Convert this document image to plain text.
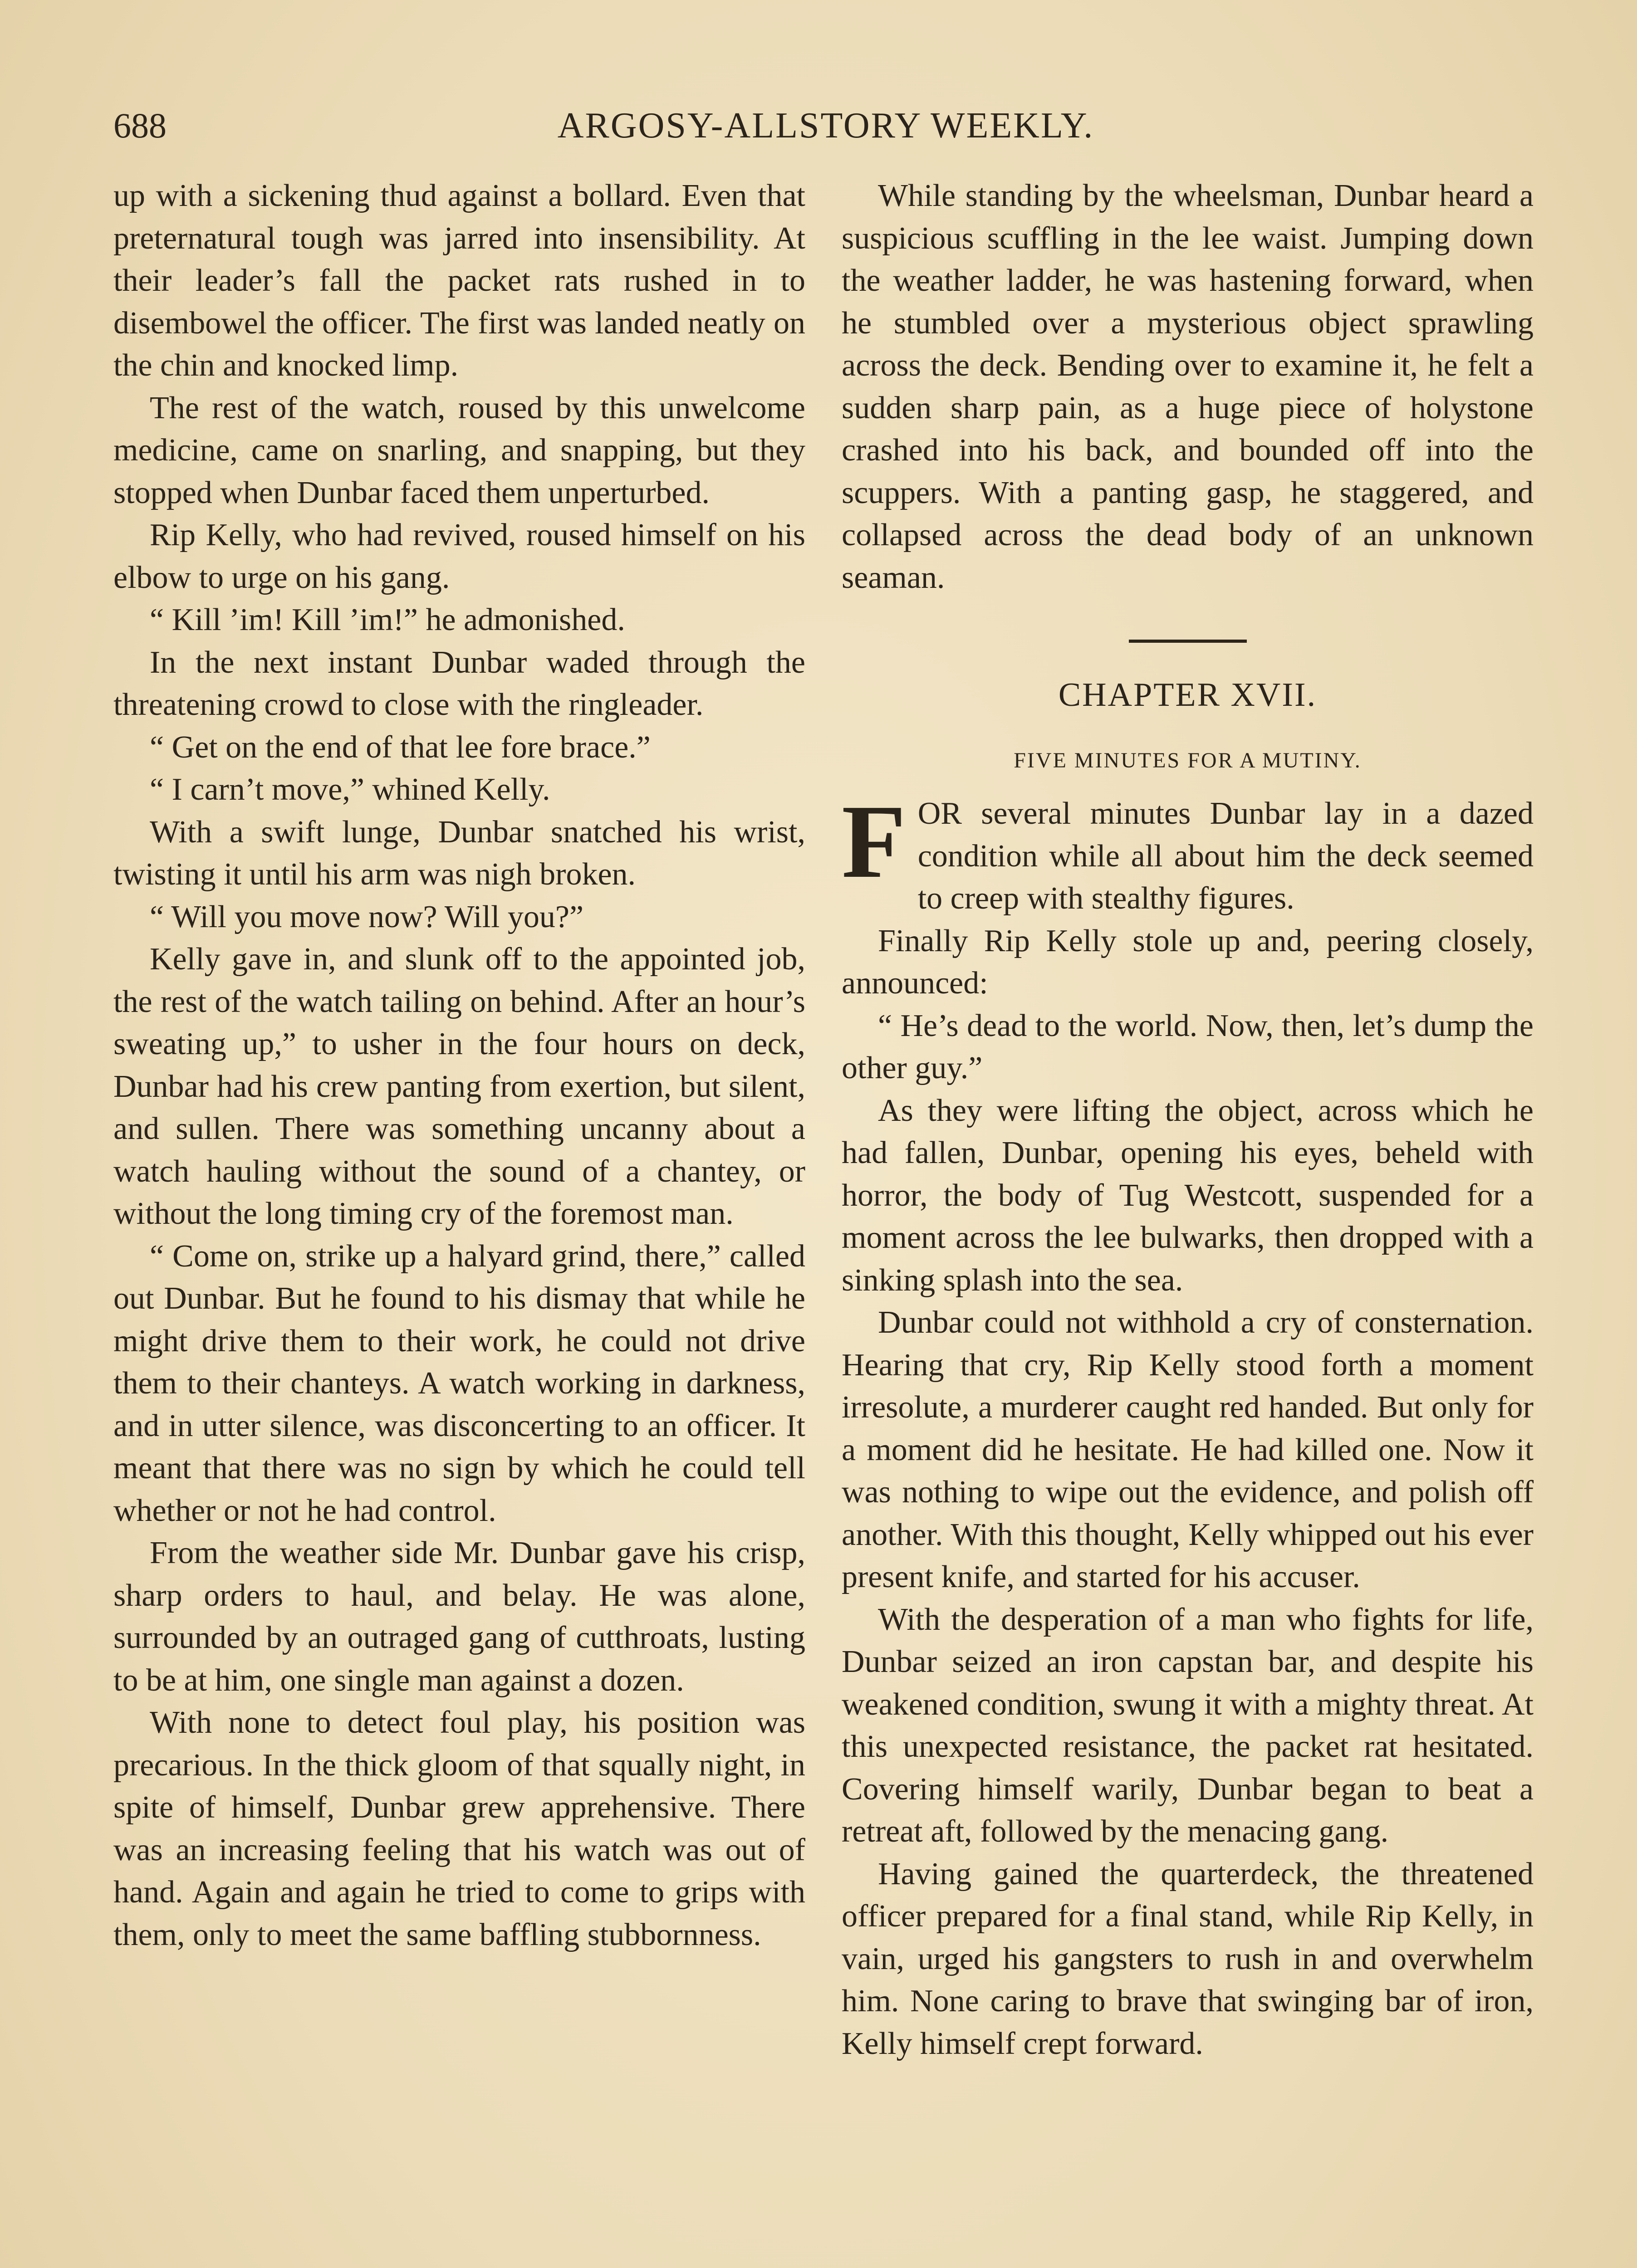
688	ARGOSY-ALLSTORY WEEKLY.

up with a sickening thud against a bollard. Even that preternatural tough was jarred into insensibility. At their leader’s fall the packet rats rushed in to disembowel the officer. The first was landed neatly on the chin and knocked limp.

The rest of the watch, roused by this unwelcome medicine, came on snarling, and snapping, but they stopped when Dunbar faced them unperturbed.

Rip Kelly, who had revived, roused himself on his elbow to urge on his gang.

“ Kill ’im! Kill ’im!” he admonished.

In the next instant Dunbar waded through the threatening crowd to close with the ringleader.

“ Get on the end of that lee fore brace.”

“ I carn’t move,” whined Kelly.

With a swift lunge, Dunbar snatched his wrist, twisting it until his arm was nigh broken.

“ Will you move now? Will you?”

Kelly gave in, and slunk off to the appointed job, the rest of the watch tailing on behind. After an hour’s sweating up,” to usher in the four hours on deck, Dunbar had his crew panting from exertion, but silent, and sullen. There was something uncanny about a watch hauling without the sound of a chantey, or without the long timing cry of the foremost man.

“ Come on, strike up a halyard grind, there,” called out Dunbar. But he found to his dismay that while he might drive them to their work, he could not drive them to their chanteys. A watch working in darkness, and in utter silence, was disconcerting to an officer. It meant that there was no sign by which he could tell whether or not he had control.

From the weather side Mr. Dunbar gave his crisp, sharp orders to haul, and belay. He was alone, surrounded by an outraged gang of cutthroats, lusting to be at him, one single man against a dozen.

With none to detect foul play, his position was precarious. In the thick gloom of that squally night, in spite of himself, Dunbar grew apprehensive. There was an increasing feeling that his watch was out of hand. Again and again he tried to come to grips with them, only to meet the same baffling stubbornness.

While standing by the wheelsman, Dunbar heard a suspicious scuffling in the lee waist. Jumping down the weather ladder, he was hastening forward, when he stumbled over a mysterious object sprawling across the deck. Bending over to examine it, he felt a sudden sharp pain, as a huge piece of holystone crashed into his back, and bounded off into the scuppers. With a panting gasp, he staggered, and collapsed across the dead body of an unknown seaman.

CHAPTER XVII.
FIVE MINUTES FOR A MUTINY.

FOR several minutes Dunbar lay in a dazed condition while all about him the deck seemed to creep with stealthy figures.

Finally Rip Kelly stole up and, peering closely, announced:

“ He’s dead to the world. Now, then, let’s dump the other guy.”

As they were lifting the object, across which he had fallen, Dunbar, opening his eyes, beheld with horror, the body of Tug Westcott, suspended for a moment across the lee bulwarks, then dropped with a sinking splash into the sea.

Dunbar could not withhold a cry of consternation. Hearing that cry, Rip Kelly stood forth a moment irresolute, a murderer caught red handed. But only for a moment did he hesitate. He had killed one. Now it was nothing to wipe out the evidence, and polish off another. With this thought, Kelly whipped out his ever present knife, and started for his accuser.

With the desperation of a man who fights for life, Dunbar seized an iron capstan bar, and despite his weakened condition, swung it with a mighty threat. At this unexpected resistance, the packet rat hesitated. Covering himself warily, Dunbar began to beat a retreat aft, followed by the menacing gang.

Having gained the quarterdeck, the threatened officer prepared for a final stand, while Rip Kelly, in vain, urged his gangsters to rush in and overwhelm him. None caring to brave that swinging bar of iron, Kelly himself crept forward.
